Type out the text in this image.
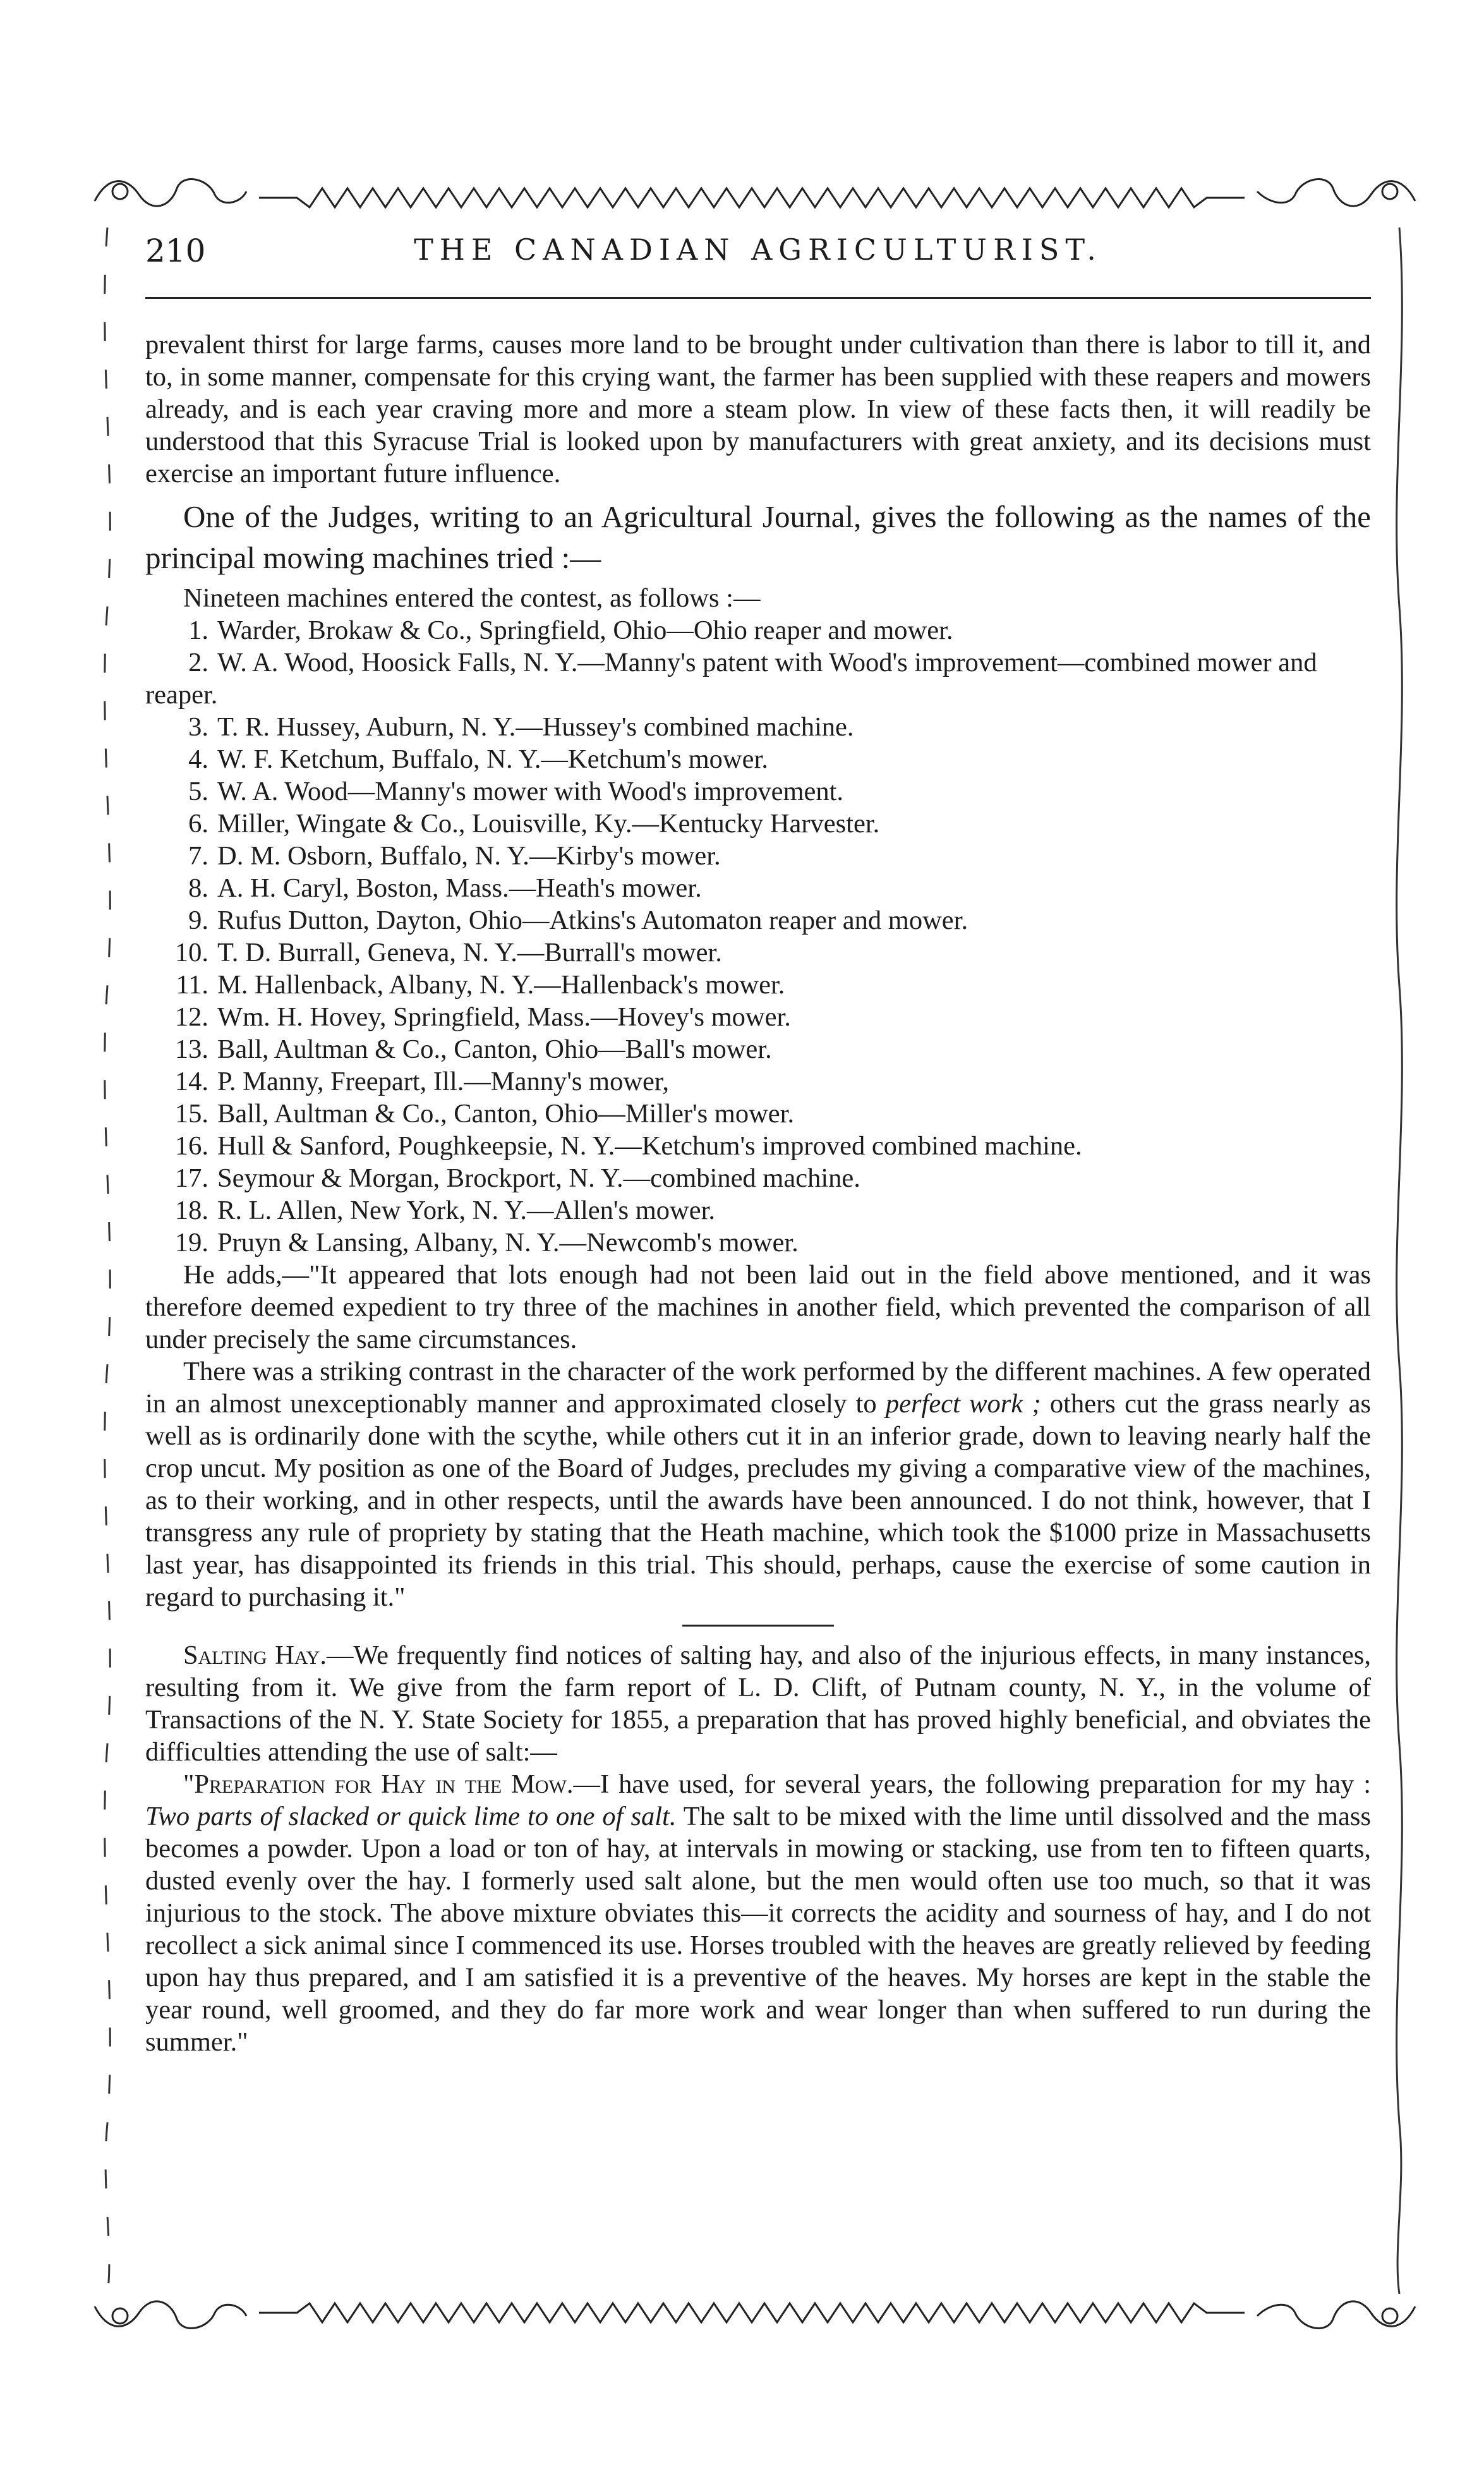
210	THE CANADIAN AGRICULTURIST.

prevalent thirst for large farms, causes more land to be brought under cultivation than there is labor to till it, and to, in some manner, compensate for this crying want, the farmer has been supplied with these reapers and mowers already, and is each year craving more and more a steam plow. In view of these facts then, it will readily be understood that this Syracuse Trial is looked upon by manufacturers with great anxiety, and its decisions must exercise an important future influence.

One of the Judges, writing to an Agricultural Journal, gives the following as the names of the principal mowing machines tried :—

Nineteen machines entered the contest, as follows :—

1. Warder, Brokaw & Co., Springfield, Ohio—Ohio reaper and mower.
2. W. A. Wood, Hoosick Falls, N. Y.—Manny's patent with Wood's improvement—combined mower and reaper.
3. T. R. Hussey, Auburn, N. Y.—Hussey's combined machine.
4. W. F. Ketchum, Buffalo, N. Y.—Ketchum's mower.
5. W. A. Wood—Manny's mower with Wood's improvement.
6. Miller, Wingate & Co., Louisville, Ky.—Kentucky Harvester.
7. D. M. Osborn, Buffalo, N. Y.—Kirby's mower.
8. A. H. Caryl, Boston, Mass.—Heath's mower.
9. Rufus Dutton, Dayton, Ohio—Atkins's Automaton reaper and mower.
10. T. D. Burrall, Geneva, N. Y.—Burrall's mower.
11. M. Hallenback, Albany, N. Y.—Hallenback's mower.
12. Wm. H. Hovey, Springfield, Mass.—Hovey's mower.
13. Ball, Aultman & Co., Canton, Ohio—Ball's mower.
14. P. Manny, Freepart, Ill.—Manny's mower,
15. Ball, Aultman & Co., Canton, Ohio—Miller's mower.
16. Hull & Sanford, Poughkeepsie, N. Y.—Ketchum's improved combined machine.
17. Seymour & Morgan, Brockport, N. Y.—combined machine.
18. R. L. Allen, New York, N. Y.—Allen's mower.
19. Pruyn & Lansing, Albany, N. Y.—Newcomb's mower.

He adds,—"It appeared that lots enough had not been laid out in the field above mentioned, and it was therefore deemed expedient to try three of the machines in another field, which prevented the comparison of all under precisely the same circumstances.

There was a striking contrast in the character of the work performed by the different machines. A few operated in an almost unexceptionably manner and approximated closely to perfect work ; others cut the grass nearly as well as is ordinarily done with the scythe, while others cut it in an inferior grade, down to leaving nearly half the crop uncut. My position as one of the Board of Judges, precludes my giving a comparative view of the machines, as to their working, and in other respects, until the awards have been announced. I do not think, however, that I transgress any rule of propriety by stating that the Heath machine, which took the $1000 prize in Massachusetts last year, has disappointed its friends in this trial. This should, perhaps, cause the exercise of some caution in regard to purchasing it."

Salting Hay.—We frequently find notices of salting hay, and also of the injurious effects, in many instances, resulting from it. We give from the farm report of L. D. Clift, of Putnam county, N. Y., in the volume of Transactions of the N. Y. State Society for 1855, a preparation that has proved highly beneficial, and obviates the difficulties attending the use of salt:—

"Preparation for Hay in the Mow.—I have used, for several years, the following preparation for my hay : Two parts of slacked or quick lime to one of salt. The salt to be mixed with the lime until dissolved and the mass becomes a powder. Upon a load or ton of hay, at intervals in mowing or stacking, use from ten to fifteen quarts, dusted evenly over the hay. I formerly used salt alone, but the men would often use too much, so that it was injurious to the stock. The above mixture obviates this—it corrects the acidity and sourness of hay, and I do not recollect a sick animal since I commenced its use. Horses troubled with the heaves are greatly relieved by feeding upon hay thus prepared, and I am satisfied it is a preventive of the heaves. My horses are kept in the stable the year round, well groomed, and they do far more work and wear longer than when suffered to run during the summer."
